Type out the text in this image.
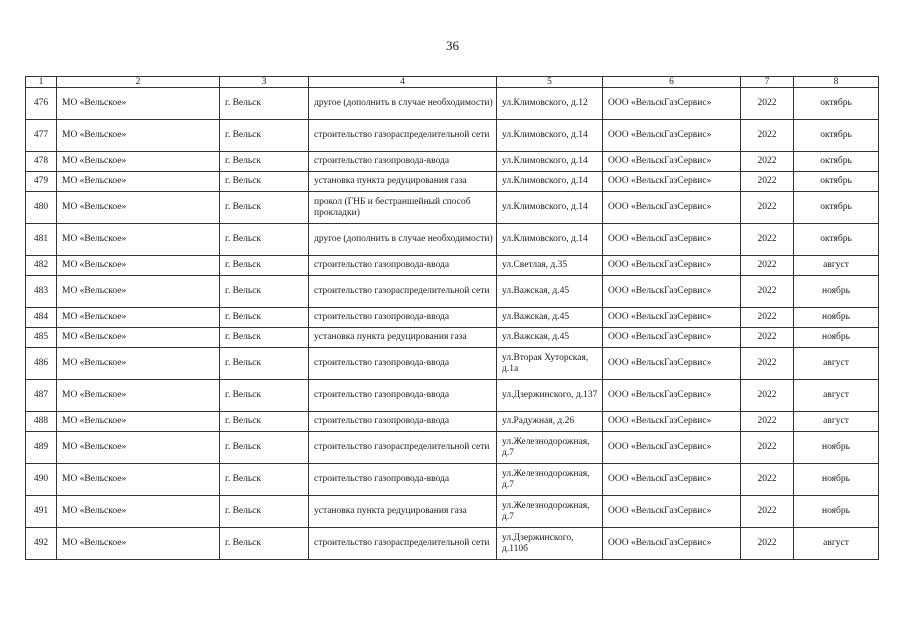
36
1	2	3	4	5	6	7	8
476	МО «Вельское»	г. Вельск	другое (дополнить в случае необходимости)	ул.Климовского, д.12	ООО «ВельскГазСервис»	2022	октябрь
477	МО «Вельское»	г. Вельск	строительство газораспределительной сети	ул.Климовского, д.14	ООО «ВельскГазСервис»	2022	октябрь
478	МО «Вельское»	г. Вельск	строительство газопровода-ввода	ул.Климовского, д.14	ООО «ВельскГазСервис»	2022	октябрь
479	МО «Вельское»	г. Вельск	установка пункта редуцирования газа	ул.Климовского, д.14	ООО «ВельскГазСервис»	2022	октябрь
480	МО «Вельское»	г. Вельск	прокол (ГНБ и бестраншейный способ прокладки)	ул.Климовского, д.14	ООО «ВельскГазСервис»	2022	октябрь
481	МО «Вельское»	г. Вельск	другое (дополнить в случае необходимости)	ул.Климовского, д.14	ООО «ВельскГазСервис»	2022	октябрь
482	МО «Вельское»	г. Вельск	строительство газопровода-ввода	ул.Светлая, д.35	ООО «ВельскГазСервис»	2022	август
483	МО «Вельское»	г. Вельск	строительство газораспределительной сети	ул.Важская, д.45	ООО «ВельскГазСервис»	2022	ноябрь
484	МО «Вельское»	г. Вельск	строительство газопровода-ввода	ул.Важская, д.45	ООО «ВельскГазСервис»	2022	ноябрь
485	МО «Вельское»	г. Вельск	установка пункта редуцирования газа	ул.Важская, д.45	ООО «ВельскГазСервис»	2022	ноябрь
486	МО «Вельское»	г. Вельск	строительство газопровода-ввода	ул.Вторая Хуторская, д.1а	ООО «ВельскГазСервис»	2022	август
487	МО «Вельское»	г. Вельск	строительство газопровода-ввода	ул.Дзержинского, д.137	ООО «ВельскГазСервис»	2022	август
488	МО «Вельское»	г. Вельск	строительство газопровода-ввода	ул.Радужная, д.26	ООО «ВельскГазСервис»	2022	август
489	МО «Вельское»	г. Вельск	строительство газораспределительной сети	ул.Железнодорожная, д.7	ООО «ВельскГазСервис»	2022	ноябрь
490	МО «Вельское»	г. Вельск	строительство газопровода-ввода	ул.Железнодорожная, д.7	ООО «ВельскГазСервис»	2022	ноябрь
491	МО «Вельское»	г. Вельск	установка пункта редуцирования газа	ул.Железнодорожная, д.7	ООО «ВельскГазСервис»	2022	ноябрь
492	МО «Вельское»	г. Вельск	строительство газораспределительной сети	ул.Дзержинского, д.110б	ООО «ВельскГазСервис»	2022	август
